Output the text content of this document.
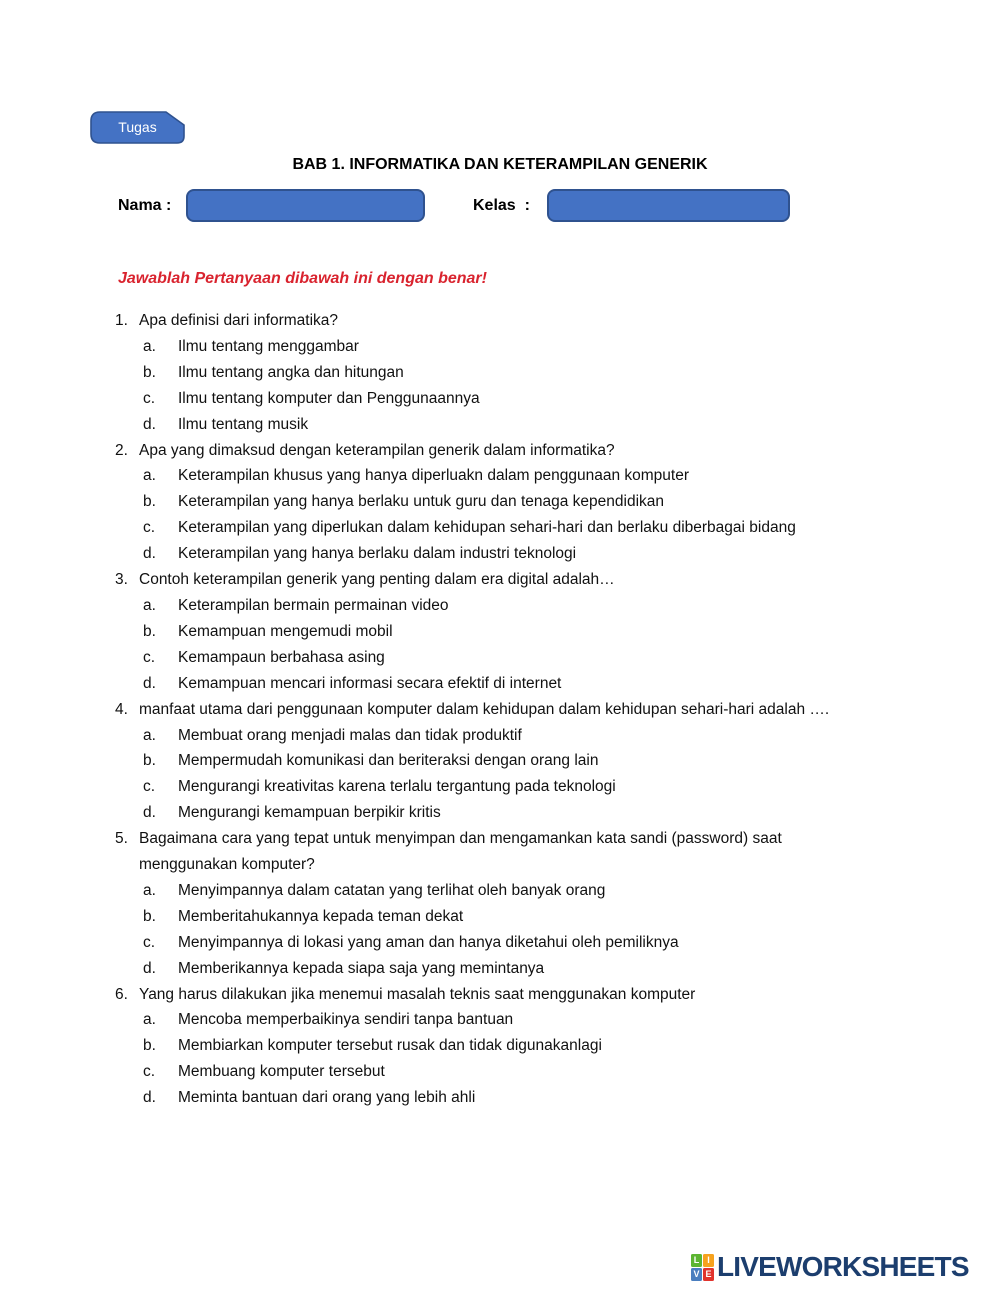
Tugas
BAB 1. INFORMATIKA DAN KETERAMPILAN GENERIK
Nama :	Kelas  :

Jawablah Pertanyaan dibawah ini dengan benar!

1. Apa definisi dari informatika?
a.	Ilmu tentang menggambar
b.	Ilmu tentang angka dan hitungan
c.	Ilmu tentang komputer dan Penggunaannya
d.	Ilmu tentang musik
2. Apa yang dimaksud dengan keterampilan generik dalam informatika?
a.	Keterampilan khusus yang hanya diperluakn dalam penggunaan komputer
b.	Keterampilan yang hanya berlaku untuk guru dan tenaga kependidikan
c.	Keterampilan yang diperlukan dalam kehidupan sehari-hari dan berlaku diberbagai bidang
d.	Keterampilan yang hanya berlaku dalam industri teknologi
3. Contoh keterampilan generik yang penting dalam era digital adalah…
a.	Keterampilan bermain permainan video
b.	Kemampuan mengemudi mobil
c.	Kemampaun berbahasa asing
d.	Kemampuan mencari informasi secara efektif di internet
4. manfaat utama dari penggunaan komputer dalam kehidupan dalam kehidupan sehari-hari adalah ….
a.	Membuat orang menjadi malas dan tidak produktif
b.	Mempermudah komunikasi dan beriteraksi dengan orang lain
c.	Mengurangi kreativitas karena terlalu tergantung pada teknologi
d.	Mengurangi kemampuan berpikir kritis
5. Bagaimana cara yang tepat untuk menyimpan dan mengamankan kata sandi (password) saat menggunakan komputer?
a.	Menyimpannya dalam catatan yang terlihat oleh banyak orang
b.	Memberitahukannya kepada teman dekat
c.	Menyimpannya di lokasi yang aman dan hanya diketahui oleh pemiliknya
d.	Memberikannya kepada siapa saja yang memintanya
6. Yang harus dilakukan jika menemui masalah teknis saat menggunakan komputer
a.	Mencoba memperbaikinya sendiri tanpa bantuan
b.	Membiarkan komputer tersebut rusak dan tidak digunakanlagi
c.	Membuang komputer tersebut
d.	Meminta bantuan dari orang yang lebih ahli
L I
V E LIVEWORKSHEETS
